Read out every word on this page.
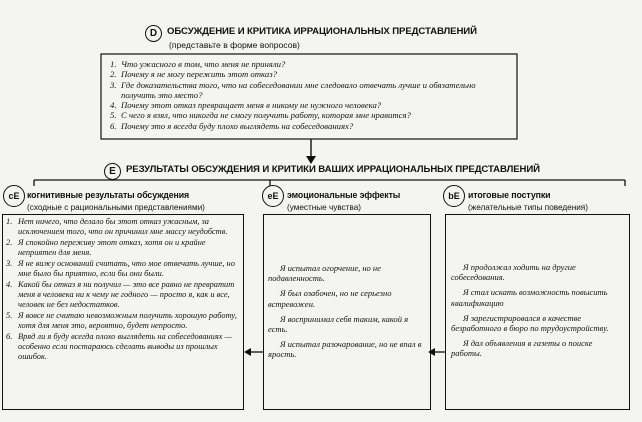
D	ОБСУЖДЕНИЕ И КРИТИКА ИРРАЦИОНАЛЬНЫХ ПРЕДСТАВЛЕНИЙ
(представьте в форме вопросов)
1. Что ужасного в том, что меня не приняли?
2. Почему я не могу пережить этот отказ?
3. Где доказательства того, что на собеседовании мне следовало отвечать лучше и обязательно получить это место?
4. Почему этот отказ превращает меня в никому не нужного человека?
5. С чего я взял, что никогда не смогу получить работу, которая мне нравится?
6. Почему это я всегда буду плохо выглядеть на собеседованиях?
E	РЕЗУЛЬТАТЫ ОБСУЖДЕНИЯ И КРИТИКИ ВАШИХ ИРРАЦИОНАЛЬНЫХ ПРЕДСТАВЛЕНИЙ
cE когнитивные результаты обсуждения
(сходные с рациональными представлениями)
1. Нет ничего, что делало бы этот отказ ужасным, за исключением того, что он причинил мне массу неудобств.
2. Я спокойно переживу этот отказ, хотя он и крайне неприятен для меня.
3. Я не вижу оснований считать, что мое отвечать лучше, но мне было бы приятно, если бы они были.
4. Какой бы отказ я ни получил — это все равно не превратит меня в человека ни к чему не годного — просто я, как и все, человек не без недостатков.
5. Я вовсе не считаю невозможным получить хорошую работу, хотя для меня это, вероятно, будет непросто.
6. Вряд ли я буду всегда плохо выглядеть на собеседованиях — особенно если постараюсь сделать выводы из прошлых ошибок.
eE эмоциональные эффекты
(уместные чувства)
Я испытал огорчение, но не подавленность.
Я был озабочен, но не серьезно встревожен.
Я воспринимал себя таким, какой я есть.
Я испытал разочарование, но не впал в ярость.
bE итоговые поступки
(желательные типы поведения)
Я продолжал ходить на другие собеседования.
Я стал искать возможность повысить квалификацию
Я зарегистрировался в качестве безработного в бюро по трудоустройству.
Я дал объявления в газеты о поиске работы.
